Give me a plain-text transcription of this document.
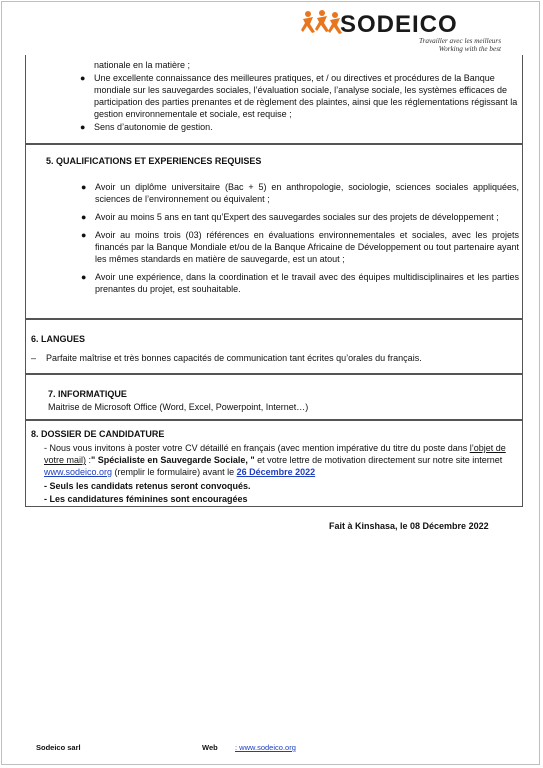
SODEICO
Travailler avec les meilleurs
Working with the best
nationale en la matière ;
● Une excellente connaissance des meilleures pratiques, et / ou directives et procédures de la Banque mondiale sur les sauvegardes sociales, l’évaluation sociale, l’analyse sociale, les systèmes efficaces de participation des parties prenantes et de règlement des plaintes, ainsi que les réglementations régissant la gestion environnementale et sociale, est requise ;
● Sens d’autonomie de gestion.
5. QUALIFICATIONS ET EXPERIENCES REQUISES
● Avoir un diplôme universitaire (Bac + 5) en anthropologie, sociologie, sciences sociales appliquées, sciences de l’environnement ou équivalent ;
● Avoir au moins 5 ans en tant qu’Expert des sauvegardes sociales sur des projets de développement ;
● Avoir au moins trois (03) références en évaluations environnementales et sociales, avec les projets financés par la Banque Mondiale et/ou de la Banque Africaine de Développement ou tout partenaire ayant les mêmes standards en matière de sauvegarde, est un atout ;
● Avoir une expérience, dans la coordination et le travail avec des équipes multidisciplinaires et les parties prenantes du projet, est souhaitable.
6. LANGUES
– Parfaite maîtrise et très bonnes capacités de communication tant écrites qu’orales du français.
7. INFORMATIQUE
Maitrise de Microsoft Office (Word, Excel, Powerpoint, Internet…)
8. DOSSIER DE CANDIDATURE
- Nous vous invitons à poster votre CV détaillé en français (avec mention impérative du titre du poste dans l’objet de votre mail) :" Spécialiste en Sauvegarde Sociale, " et votre lettre de motivation directement sur notre site internet www.sodeico.org (remplir le formulaire) avant le 26 Décembre 2022
- Seuls les candidats retenus seront convoqués.
- Les candidatures féminines sont encouragées
Fait à Kinshasa, le 08 Décembre 2022
Sodeico sarl	Web : www.sodeico.org
